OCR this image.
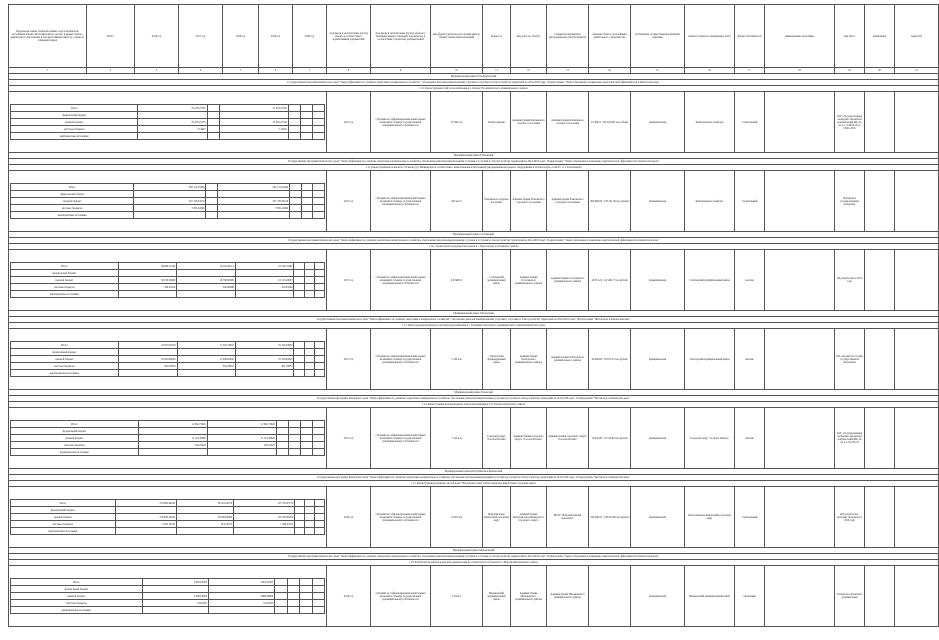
Предельная оценка плановой оценки, подготовленная по источникам объекта Исполнительного органа, в рамках сметно-финансового обеспечения, в том числе финансовой год, а также за плановый период	Итого	2016 год	2017 год	2018 год	2019 год	2020 год	срок ввода в эксплуатацию (пуска) объекта в соответствии с нормативными документами	срок ввода в эксплуатацию (пуска) объекта (с указанием номера отдельных документов), в соответствии с проектной документацией	вид (форма) деятельности организации по объекту капитальных вложений	мощность	вид работ по объекту	главный распорядитель (распорядитель) средств бюджета	заказчик объекта (застройщик) капитального строительства	организация, осуществляющая функции заказчика	объем и стоимость завершенных работ	форма собственности	наименование программы	вид работ	примечание	номер ЛД
1	2	3	4	5	6	7	8	9	10	11	12	13	14	15	16	17	18	19	20	21
Муниципальный район Усть-Камчатский
Государственная программа Камчатского края "Энергоэффективность, развитие энергетики и коммунального хозяйства", обеспечение жителей коммунальными услугами и услугами по благоустройству территорий на 2014-2018 годы". Подпрограмма "Энергосбережение и повышение энергетической эффективности в Камчатском крае"
1.10. Реконструкция сетей теплоснабжения в п. Ключи Усть-Камчатского муниципального района

Итого	25 479,27535		25 479,27535			
федеральный бюджет						
краевой бюджет	25 470,27535		25 470,27535			
местные бюджеты	7,14025		7,14025			
внебюджетные источники						
	2017 год	субсидии на софинансирование капитальных вложений в объекты государственной (муниципальной) собственности	32 300 п.м	Реконструкция	Администрация Ключевского сельского поселения	Администрация Ключевского сельского поселения	25 399,11 / 69 476,992 тыс.рублей	муниципальная	Коммунальное хозяйство	строительный		ГАУ «Государственная экспертиза проектной документации КК» № 41-1-1-3-0034-16 от 28.01.2016		
Муниципальный район Елизовский
Государственная программа Камчатского края "Энергоэффективность, развитие энергетики и коммунального хозяйства, обеспечение жителей коммунальными услугами и услугами по благоустройству территорий на 2014-2018 годы". Подпрограмма "Энергосбережение и повышение энергетической эффективности в Камчатском крае"
1.11. Реконструкция котельной № 1 Елизово (ул. Рябиковская) в соответствии с инвестиционной программой (модернизация котельного оборудования и строительство сетей ТС от 2-й котельной)

Итого	265 112,25494		265 112,25494			
федеральный бюджет						
краевой бюджет	251 726,43516		251 726,43516			
местные бюджеты	3 385,21690		3 385,21690			
внебюджетные источники						
	2017 год	субсидии на софинансирование капитальных вложений в объекты государственной (муниципальной) собственности	40 Гкал/ч	Елизовское городское поселение	Администрация Елизовского городского поселения	Администрация Елизовского городского поселения	499 666,08 / 378 541,26 тыс.рублей	муниципальная	Коммунальное хозяйство	строительный		ПД прошла государственную экспертизу		
Муниципальный район Соболевский
Государственная программа Камчатского края "Энергоэффективность, развитие энергетики и коммунального хозяйства, обеспечение жителей коммунальными услугами и услугами по благоустройству территорий на 2014-2018 годы". Подпрограмма "Энергосбережение и повышение энергетической эффективности в Камчатском крае"
1.12. Строительство модульной котельной в с. Крутогорово Соболевского района

Итого	49 660,12124	18 120,40112	31 539,71992			
федеральный бюджет						
краевой бюджет	38 195,59600	18 790,00000	21 515,29007			
местные бюджеты	500,22524	340,40088	472,85400			
внебюджетные источники						
	2017 год	субсидии на софинансирование капитальных вложений в объекты государственной (муниципальной) собственности	4,56 кВт/ч	Соболевский муниципальный район	Администрация Соболевского муниципального района	Администрация Соболевского муниципального района	40 051,22 / 24 548,17 тыс.рублей	муниципальная	Соболевский муниципальный район	монтаж		ПД разработана в 2015 году		
Муниципальный район Олюторский
Государственная программа Камчатского края "Энергоэффективность, развитие энергетики и коммунального хозяйства", обеспечение жителей коммунальными услугами и услугами по благоустройству территорий на 2014-2018 годы". Подпрограмма "Чистая вода в Камчатском крае"
1.13. Реконструкция водоводов и системы водоснабжения в с. Тиличики Олюторского муниципального района Камчатского края

Итого	16 670,29150	11 516,23652	55 154,43920			
федеральный бюджет						
краевой бюджет	16 090,00000	11 000,00000	55 526,00000			
местные бюджеты	682,18050	516,23652	361,78870			
внебюджетные источники						
	2017 год	субсидии на софинансирование капитальных вложений в объекты государственной (муниципальной) собственности	2 190 п.м	Олюторский муниципальный район	Администрация Олюторского муниципального района	Администрация Олюторского муниципального района	46 099,00 / 30 613,33 тыс.рублей	муниципальная	Олюторский муниципальный район	монтаж		ПД, находится в стадии государственной экспертизы		
Муниципальный район Паланский
Государственная программа Камчатского края "Энергоэффективность, развитие энергетики и коммунального хозяйства, обеспечение жителей коммунальными услугами и услугами по благоустройству территорий на 2014-2018 годы". Подпрограмма "Чистая вода в Камчатском крае"
1.14. Реконструкция водопроводных сетей водоснабжения в п.г.т. Палана Тигильского района

Итого	11 962,73026	11 962,73026				
федеральный бюджет						
краевой бюджет	11 723,45600	11 723,45600				
местные бюджеты	239,25426	239,25426				
внебюджетные источники						
	2017 год	субсидии на софинансирование капитальных вложений в объекты государственной (муниципальной) собственности	7 540 п.м	Городской округ "поселок Палана"	Администрация городского округа "поселок Палана"	Администрация городского округа "поселок Палана"	58 445,80 / 10 726,60 тыс.рублей	муниципальная	Городской округ "поселок Палана"	монтаж		ГАУ «Государственная экспертиза проектной документации КК» № 41-1-1-3-0176-16		
Муниципальный район Петропавловск-Камчатский
Государственная программа Камчатского края "Энергоэффективность, развитие энергетики и коммунального хозяйства, обеспечение жителей коммунальными услугами и услугами по благоустройству территорий на 2014-2018 годы". Подпрограмма "Чистая вода в Камчатском крае"
1.15. Реконструкция резервуара чистой воды "Петровская сопка" в Петропавловск-Камчатском городском округе

Итого	278 000,49010	38 522,20370	107 781,85778			
федеральный бюджет						
краевой бюджет	276 630,32020	38 000,00000	105 183,81000			
местные бюджеты	2 500,10010	612,20370	1 566,07974			
внебюджетные источники						
	2018 год	субсидии на софинансирование капитальных вложений в объекты государственной (муниципальной) собственности	10 000 м3	Петропавловск-Камчатский городской округ	Администрация Петропавловск-Камчатского городского округа	МУП "Петропавловский водоканал"	240 028,47 / 218 812,60 тыс.рублей	муниципальная	Петропавловск-Камчатский городской округ	строительный		ПД разработана, проходит экспертизу в 2016 году		
Муниципальный район Мильковский
Государственная программа Камчатского края "Энергоэффективность, развитие энергетики и коммунального хозяйства, обеспечение жителей коммунальными услугами и услугами по благоустройству территорий на 2014-2018 годы". Подпрограмма "Энергосбережение и повышение энергетической эффективности в Камчатском крае"
1.16. Разработка проектной и рабочей документации на строительство котельной в с. Шаромы Мильковского района

Итого	4 881,05205	4 881,05205				
федеральный бюджет						
краевой бюджет	4 800,00000	4 800,00000				
местные бюджеты	81,05205	81,05205				
внебюджетные источники						
	2016 год	субсидии на софинансирование капитальных вложений в объекты государственной (муниципальной) собственности	3 Гкал/ч	Мильковский муниципальный район	Администрация Мильковского муниципального района	Администрация Мильковского муниципального района		муниципальная	Мильковский муниципальный район	проектный		Разработка проектной документации		
